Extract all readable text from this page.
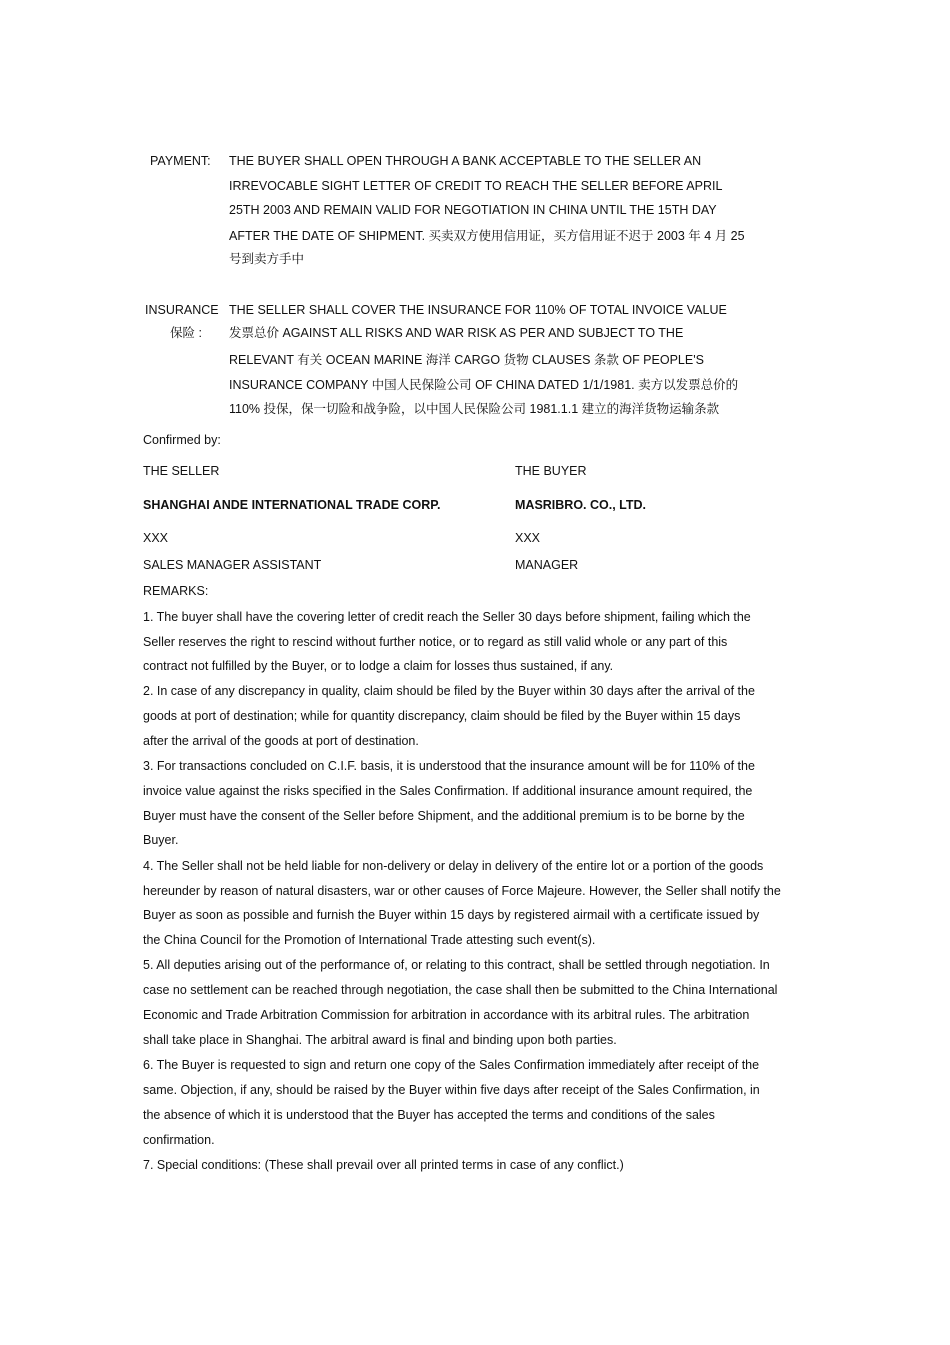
PAYMENT: THE BUYER SHALL OPEN THROUGH A BANK ACCEPTABLE TO THE SELLER AN
IRREVOCABLE SIGHT LETTER OF CREDIT TO REACH THE SELLER BEFORE APRIL
25TH 2003 AND REMAIN VALID FOR NEGOTIATION IN CHINA UNTIL THE 15TH DAY
AFTER THE DATE OF SHIPMENT. 买卖双方使用信用证，买方信用证不迟于 2003 年 4 月 25
号到卖方手中
INSURANCE
保险 :
THE SELLER SHALL COVER THE INSURANCE FOR 110% OF TOTAL INVOICE VALUE
发票总价 AGAINST ALL RISKS AND WAR RISK AS PER AND SUBJECT TO THE
RELEVANT 有关 OCEAN MARINE 海洋 CARGO 货物 CLAUSES 条款 OF PEOPLE'S
INSURANCE COMPANY 中国人民保险公司 OF CHINA DATED 1/1/1981. 卖方以发票总价的
110% 投保，保一切险和战争险，以中国人民保险公司 1981.1.1 建立的海洋货物运输条款
Confirmed by:
THE SELLER	THE BUYER
SHANGHAI ANDE INTERNATIONAL TRADE CORP.	MASRIBRO. CO., LTD.
XXX	XXX
SALES MANAGER ASSISTANT	MANAGER
REMARKS:
1. The buyer shall have the covering letter of credit reach the Seller 30 days before shipment, failing which the
Seller reserves the right to rescind without further notice, or to regard as still valid whole or any part of this
contract not fulfilled by the Buyer, or to lodge a claim for losses thus sustained, if any.
2. In case of any discrepancy in quality, claim should be filed by the Buyer within 30 days after the arrival of the
goods at port of destination; while for quantity discrepancy, claim should be filed by the Buyer within 15 days
after the arrival of the goods at port of destination.
3. For transactions concluded on C.I.F. basis, it is understood that the insurance amount will be for 110% of the
invoice value against the risks specified in the Sales Confirmation. If additional insurance amount required, the
Buyer must have the consent of the Seller before Shipment, and the additional premium is to be borne by the
Buyer.
4. The Seller shall not be held liable for non-delivery or delay in delivery of the entire lot or a portion of the goods
hereunder by reason of natural disasters, war or other causes of Force Majeure. However, the Seller shall notify the
Buyer as soon as possible and furnish the Buyer within 15 days by registered airmail with a certificate issued by
the China Council for the Promotion of International Trade attesting such event(s).
5. All deputies arising out of the performance of, or relating to this contract, shall be settled through negotiation. In
case no settlement can be reached through negotiation, the case shall then be submitted to the China International
Economic and Trade Arbitration Commission for arbitration in accordance with its arbitral rules. The arbitration
shall take place in Shanghai. The arbitral award is final and binding upon both parties.
6. The Buyer is requested to sign and return one copy of the Sales Confirmation immediately after receipt of the
same. Objection, if any, should be raised by the Buyer within five days after receipt of the Sales Confirmation, in
the absence of which it is understood that the Buyer has accepted the terms and conditions of the sales
confirmation.
7. Special conditions: (These shall prevail over all printed terms in case of any conflict.)
